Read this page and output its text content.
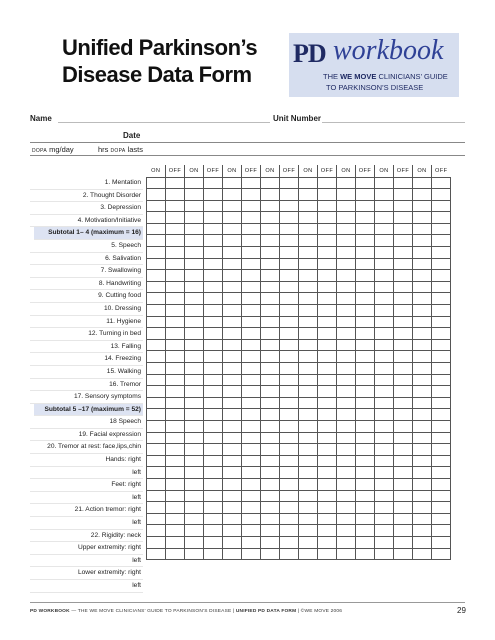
Unified Parkinson’s
Disease Data Form
PD workbook
THE WE MOVE CLINICIANS’ GUIDE
TO PARKINSON’S DISEASE
Name	Unit Number
Date
dopa mg/day	hrs dopa lasts
1. Mentation
2. Thought Disorder
3. Depression
4. Motivation/Initiative
Subtotal 1– 4 (maximum = 16)
5. Speech
6. Salivation
7. Swallowing
8. Handwriting
9. Cutting food
10. Dressing
11. Hygiene
12. Turning in bed
13. Falling
14. Freezing
15. Walking
16. Tremor
17. Sensory symptoms
Subtotal 5 –17 (maximum = 52)
18 Speech
19. Facial expression
20. Tremor at rest: face,lips,chin
Hands: right
left
Feet: right
left
21. Action tremor: right
left
22. Rigidity: neck
Upper extremity: right
left
Lower extremity: right
left
ON	OFF	ON	OFF	ON	OFF	ON	OFF	ON	OFF	ON	OFF	ON	OFF	ON	OFF

PD WORKBOOK — THE WE MOVE CLINICIANS’ GUIDE TO PARKINSON’S DISEASE | UNIFIED PD DATA FORM | ©WE MOVE 2006	29
